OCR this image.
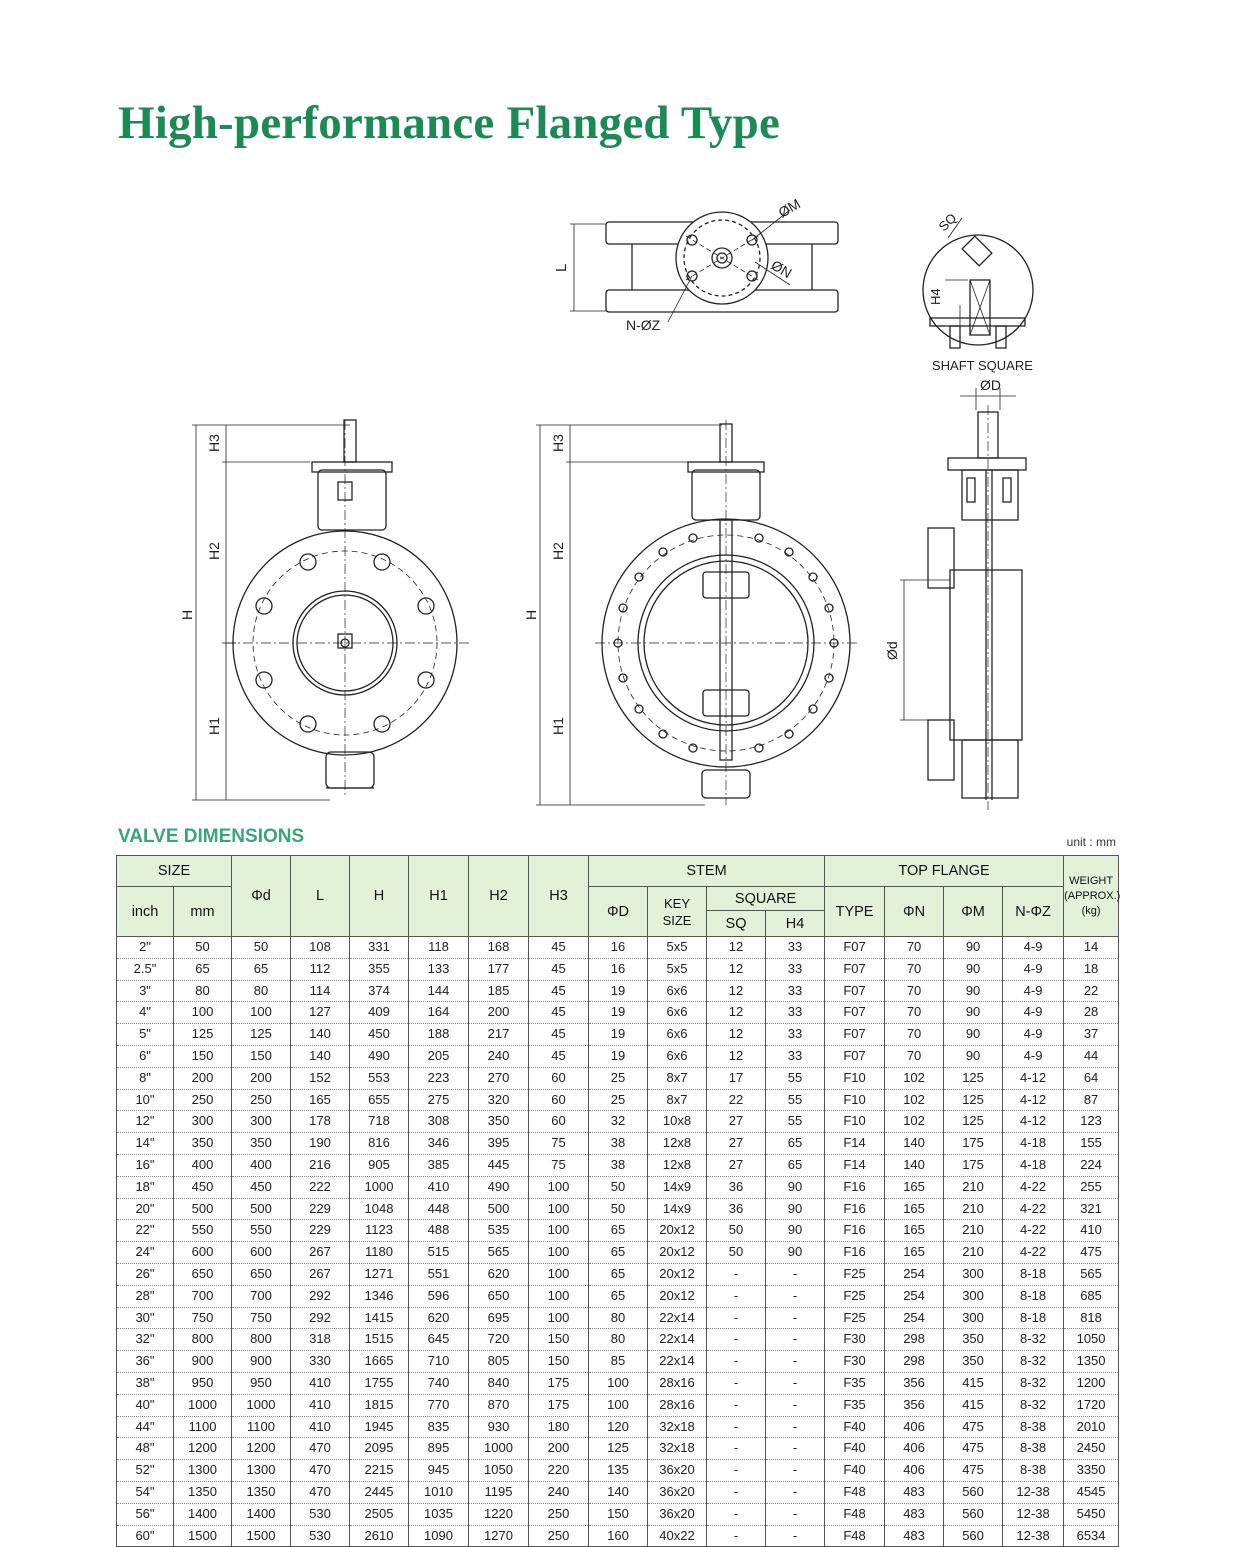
High-performance Flanged Type
L
ØM
ØN
N-ØZ
SQ
H4
SHAFT SQUARE
ØD
H
H3
H2
H1
H
H3
H2
H1
Ød
VALVE DIMENSIONS	unit : mm
SIZE		Φd	L	H	H1	H2	H3	STEM				TOP FLANGE				WEIGHT (APPROX.) (kg)
inch	mm							ΦD	KEY SIZE	SQUARE		TYPE	ΦN	ΦM	N-ΦZ	
										SQ	H4					
2"	50	50	108	331	118	168	45	16	5x5	12	33	F07	70	90	4-9	14
2.5"	65	65	112	355	133	177	45	16	5x5	12	33	F07	70	90	4-9	18
3"	80	80	114	374	144	185	45	19	6x6	12	33	F07	70	90	4-9	22
4"	100	100	127	409	164	200	45	19	6x6	12	33	F07	70	90	4-9	28
5"	125	125	140	450	188	217	45	19	6x6	12	33	F07	70	90	4-9	37
6"	150	150	140	490	205	240	45	19	6x6	12	33	F07	70	90	4-9	44
8"	200	200	152	553	223	270	60	25	8x7	17	55	F10	102	125	4-12	64
10"	250	250	165	655	275	320	60	25	8x7	22	55	F10	102	125	4-12	87
12"	300	300	178	718	308	350	60	32	10x8	27	55	F10	102	125	4-12	123
14"	350	350	190	816	346	395	75	38	12x8	27	65	F14	140	175	4-18	155
16"	400	400	216	905	385	445	75	38	12x8	27	65	F14	140	175	4-18	224
18"	450	450	222	1000	410	490	100	50	14x9	36	90	F16	165	210	4-22	255
20"	500	500	229	1048	448	500	100	50	14x9	36	90	F16	165	210	4-22	321
22"	550	550	229	1123	488	535	100	65	20x12	50	90	F16	165	210	4-22	410
24"	600	600	267	1180	515	565	100	65	20x12	50	90	F16	165	210	4-22	475
26"	650	650	267	1271	551	620	100	65	20x12	-	-	F25	254	300	8-18	565
28"	700	700	292	1346	596	650	100	65	20x12	-	-	F25	254	300	8-18	685
30"	750	750	292	1415	620	695	100	80	22x14	-	-	F25	254	300	8-18	818
32"	800	800	318	1515	645	720	150	80	22x14	-	-	F30	298	350	8-32	1050
36"	900	900	330	1665	710	805	150	85	22x14	-	-	F30	298	350	8-32	1350
38"	950	950	410	1755	740	840	175	100	28x16	-	-	F35	356	415	8-32	1200
40"	1000	1000	410	1815	770	870	175	100	28x16	-	-	F35	356	415	8-32	1720
44"	1100	1100	410	1945	835	930	180	120	32x18	-	-	F40	406	475	8-38	2010
48"	1200	1200	470	2095	895	1000	200	125	32x18	-	-	F40	406	475	8-38	2450
52"	1300	1300	470	2215	945	1050	220	135	36x20	-	-	F40	406	475	8-38	3350
54"	1350	1350	470	2445	1010	1195	240	140	36x20	-	-	F48	483	560	12-38	4545
56"	1400	1400	530	2505	1035	1220	250	150	36x20	-	-	F48	483	560	12-38	5450
60"	1500	1500	530	2610	1090	1270	250	160	40x22	-	-	F48	483	560	12-38	6534
